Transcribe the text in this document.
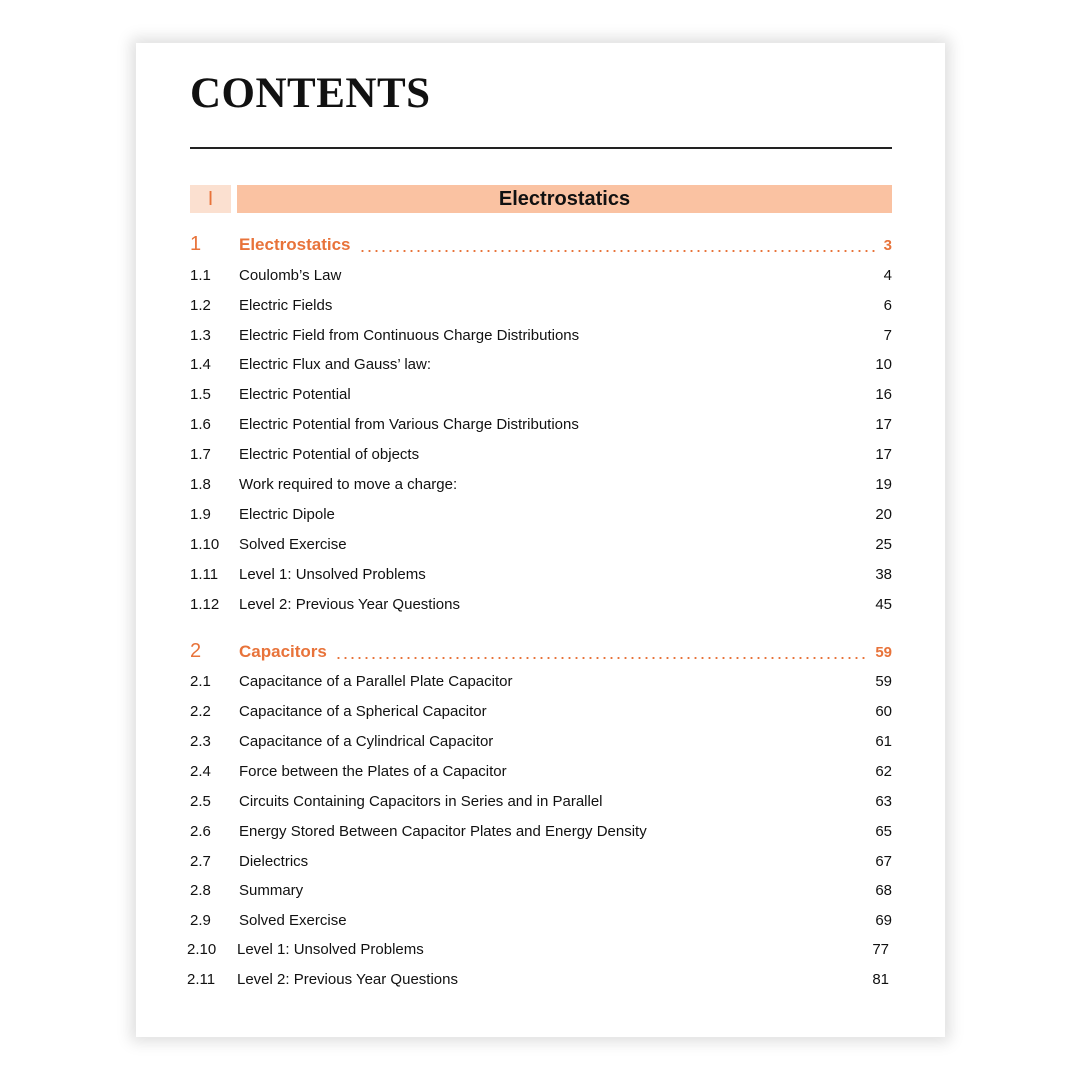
CONTENTS
I	Electrostatics
1	Electrostatics	3
1.1	Coulomb’s Law	4
1.2	Electric Fields	6
1.3	Electric Field from Continuous Charge Distributions	7
1.4	Electric Flux and Gauss’ law:	10
1.5	Electric Potential	16
1.6	Electric Potential from Various Charge Distributions	17
1.7	Electric Potential of objects	17
1.8	Work required to move a charge:	19
1.9	Electric Dipole	20
1.10	Solved Exercise	25
1.11	Level 1: Unsolved Problems	38
1.12	Level 2: Previous Year Questions	45
2	Capacitors	59
2.1	Capacitance of a Parallel Plate Capacitor	59
2.2	Capacitance of a Spherical Capacitor	60
2.3	Capacitance of a Cylindrical Capacitor	61
2.4	Force between the Plates of a Capacitor	62
2.5	Circuits Containing Capacitors in Series and in Parallel	63
2.6	Energy Stored Between Capacitor Plates and Energy Density	65
2.7	Dielectrics	67
2.8	Summary	68
2.9	Solved Exercise	69
2.10	Level 1: Unsolved Problems	77
2.11	Level 2: Previous Year Questions	81
